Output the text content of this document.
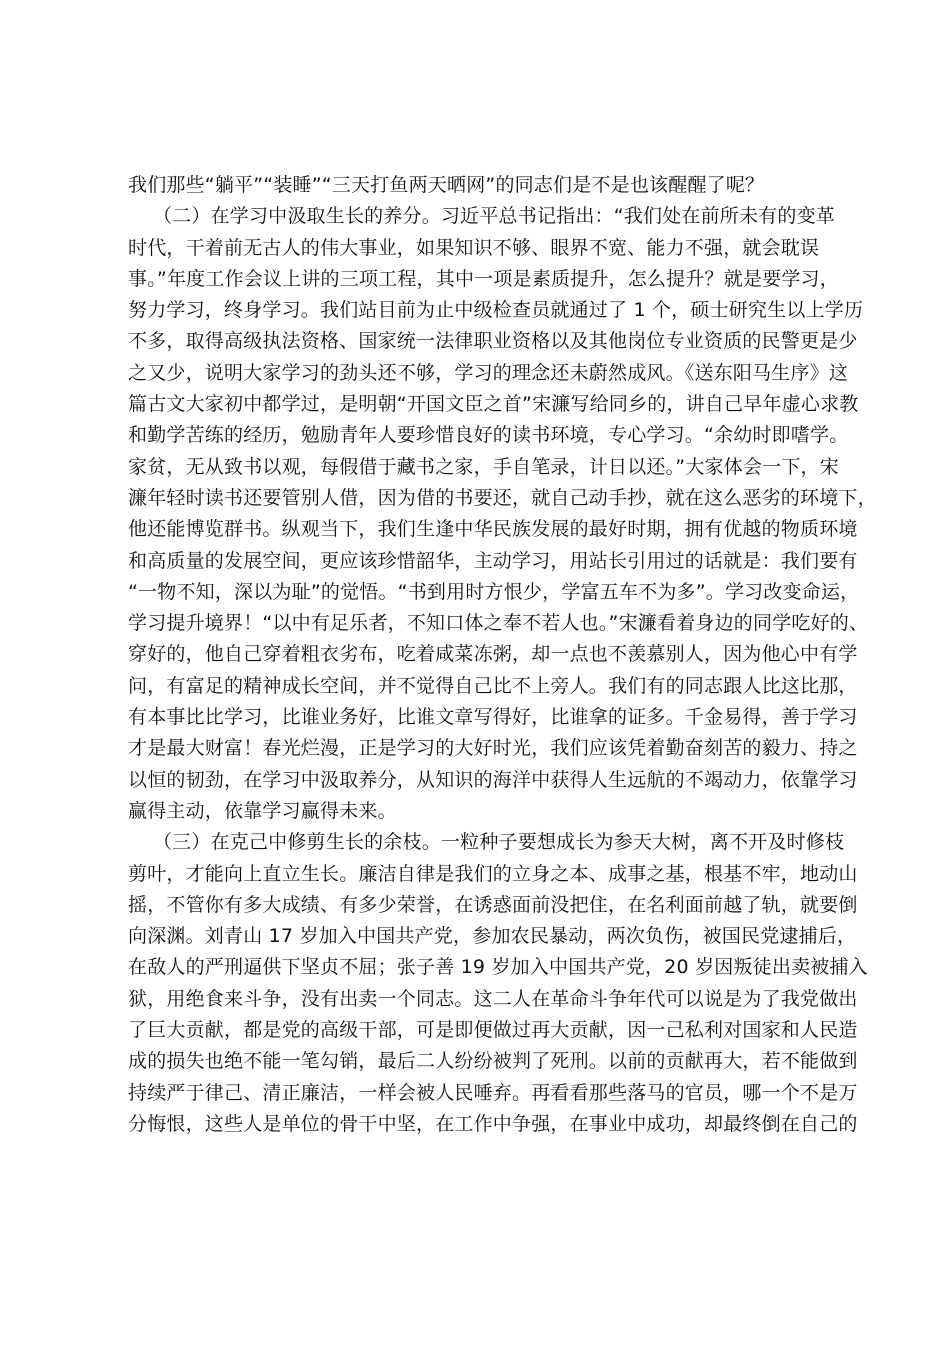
我们那些“躺平”“装睡”“三天打鱼两天晒网”的同志们是不是也该醒醒了呢？
（二）在学习中汲取生长的养分。习近平总书记指出：“我们处在前所未有的变革
时代，干着前无古人的伟大事业，如果知识不够、眼界不宽、能力不强，就会耽误
事。”年度工作会议上讲的三项工程，其中一项是素质提升，怎么提升？就是要学习，
努力学习，终身学习。我们站目前为止中级检查员就通过了 1 个，硕士研究生以上学历
不多，取得高级执法资格、国家统一法律职业资格以及其他岗位专业资质的民警更是少
之又少，说明大家学习的劲头还不够，学习的理念还未蔚然成风。《送东阳马生序》这
篇古文大家初中都学过，是明朝“开国文臣之首”宋濂写给同乡的，讲自己早年虚心求教
和勤学苦练的经历，勉励青年人要珍惜良好的读书环境，专心学习。“余幼时即嗜学。
家贫，无从致书以观，每假借于藏书之家，手自笔录，计日以还。”大家体会一下，宋
濂年轻时读书还要管别人借，因为借的书要还，就自己动手抄，就在这么恶劣的环境下，
他还能博览群书。纵观当下，我们生逢中华民族发展的最好时期，拥有优越的物质环境
和高质量的发展空间，更应该珍惜韶华，主动学习，用站长引用过的话就是：我们要有
“一物不知，深以为耻”的觉悟。“书到用时方恨少，学富五车不为多”。学习改变命运，
学习提升境界！“以中有足乐者，不知口体之奉不若人也。”宋濂看着身边的同学吃好的、
穿好的，他自己穿着粗衣劣布，吃着咸菜冻粥，却一点也不羡慕别人，因为他心中有学
问，有富足的精神成长空间，并不觉得自己比不上旁人。我们有的同志跟人比这比那，
有本事比比学习，比谁业务好，比谁文章写得好，比谁拿的证多。千金易得，善于学习
才是最大财富！春光烂漫，正是学习的大好时光，我们应该凭着勤奋刻苦的毅力、持之
以恒的韧劲，在学习中汲取养分，从知识的海洋中获得人生远航的不竭动力，依靠学习
赢得主动，依靠学习赢得未来。
（三）在克己中修剪生长的余枝。一粒种子要想成长为参天大树，离不开及时修枝
剪叶，才能向上直立生长。廉洁自律是我们的立身之本、成事之基，根基不牢，地动山
摇，不管你有多大成绩、有多少荣誉，在诱惑面前没把住，在名利面前越了轨，就要倒
向深渊。刘青山 17 岁加入中国共产党，参加农民暴动，两次负伤，被国民党逮捕后，
在敌人的严刑逼供下坚贞不屈；张子善 19 岁加入中国共产党，20 岁因叛徒出卖被捕入
狱，用绝食来斗争，没有出卖一个同志。这二人在革命斗争年代可以说是为了我党做出
了巨大贡献，都是党的高级干部，可是即便做过再大贡献，因一己私利对国家和人民造
成的损失也绝不能一笔勾销，最后二人纷纷被判了死刑。以前的贡献再大，若不能做到
持续严于律己、清正廉洁，一样会被人民唾弃。再看看那些落马的官员，哪一个不是万
分悔恨，这些人是单位的骨干中坚，在工作中争强，在事业中成功，却最终倒在自己的
